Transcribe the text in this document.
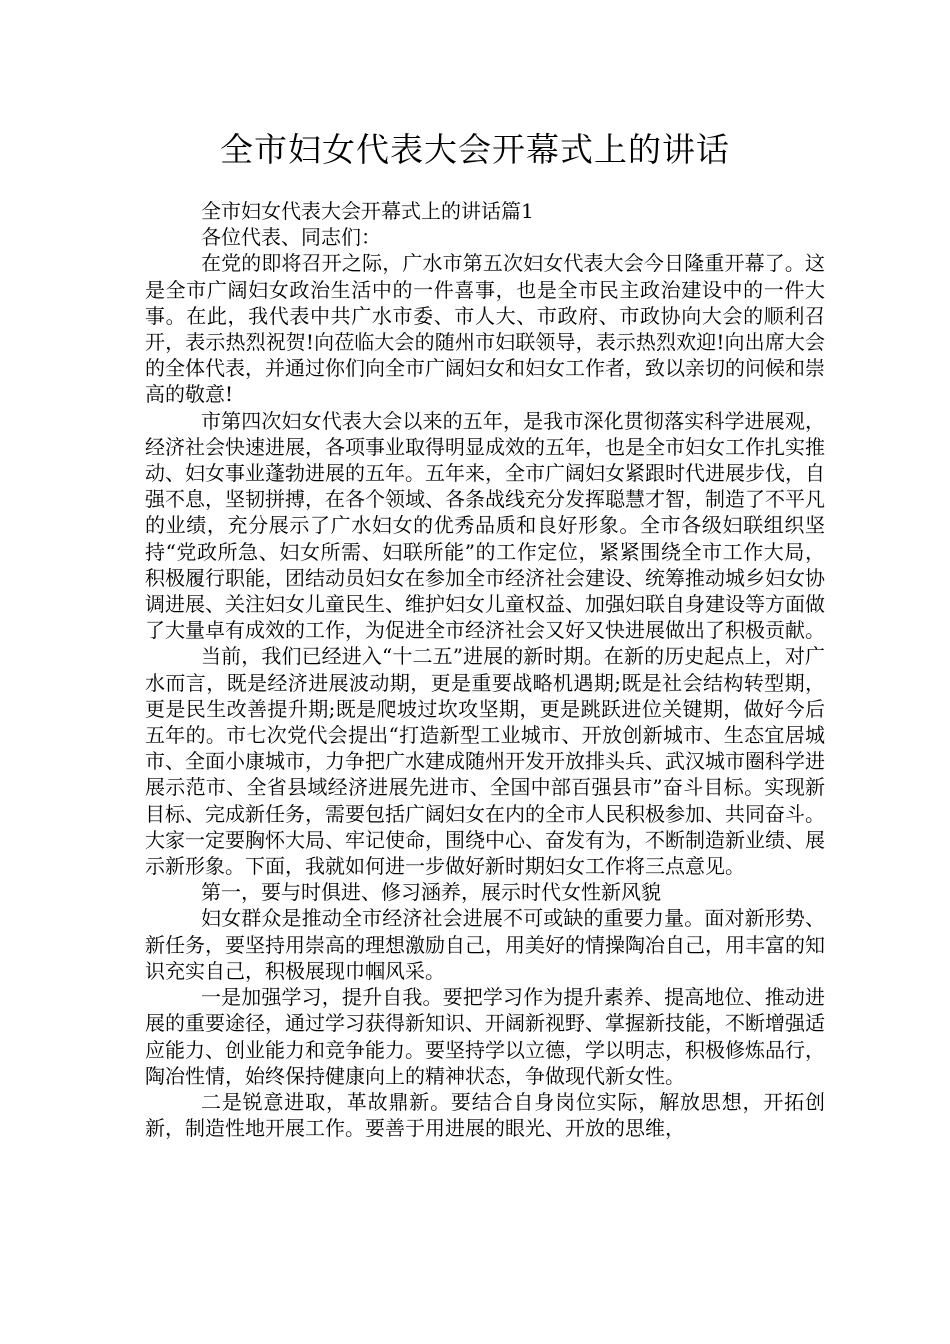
全市妇女代表大会开幕式上的讲话

全市妇女代表大会开幕式上的讲话篇1

各位代表、同志们：

在党的即将召开之际，广水市第五次妇女代表大会今日隆重开幕了。这是全市广阔妇女政治生活中的一件喜事，也是全市民主政治建设中的一件大事。在此，我代表中共广水市委、市人大、市政府、市政协向大会的顺利召开，表示热烈祝贺!向莅临大会的随州市妇联领导，表示热烈欢迎!向出席大会的全体代表，并通过你们向全市广阔妇女和妇女工作者，致以亲切的问候和崇高的敬意!

市第四次妇女代表大会以来的五年，是我市深化贯彻落实科学进展观，经济社会快速进展，各项事业取得明显成效的五年，也是全市妇女工作扎实推动、妇女事业蓬勃进展的五年。五年来，全市广阔妇女紧跟时代进展步伐，自强不息，坚韧拼搏，在各个领域、各条战线充分发挥聪慧才智，制造了不平凡的业绩，充分展示了广水妇女的优秀品质和良好形象。全市各级妇联组织坚持“党政所急、妇女所需、妇联所能”的工作定位，紧紧围绕全市工作大局，积极履行职能，团结动员妇女在参加全市经济社会建设、统筹推动城乡妇女协调进展、关注妇女儿童民生、维护妇女儿童权益、加强妇联自身建设等方面做了大量卓有成效的工作，为促进全市经济社会又好又快进展做出了积极贡献。

当前，我们已经进入“十二五”进展的新时期。在新的历史起点上，对广水而言，既是经济进展波动期，更是重要战略机遇期;既是社会结构转型期，更是民生改善提升期;既是爬坡过坎攻坚期，更是跳跃进位关键期，做好今后五年的。市七次党代会提出“打造新型工业城市、开放创新城市、生态宜居城市、全面小康城市，力争把广水建成随州开发开放排头兵、武汉城市圈科学进展示范市、全省县域经济进展先进市、全国中部百强县市”奋斗目标。实现新目标、完成新任务，需要包括广阔妇女在内的全市人民积极参加、共同奋斗。大家一定要胸怀大局、牢记使命，围绕中心、奋发有为，不断制造新业绩、展示新形象。下面，我就如何进一步做好新时期妇女工作将三点意见。

第一，要与时俱进、修习涵养，展示时代女性新风貌

妇女群众是推动全市经济社会进展不可或缺的重要力量。面对新形势、新任务，要坚持用崇高的理想激励自己，用美好的情操陶冶自己，用丰富的知识充实自己，积极展现巾帼风采。

一是加强学习，提升自我。要把学习作为提升素养、提高地位、推动进展的重要途径，通过学习获得新知识、开阔新视野、掌握新技能，不断增强适应能力、创业能力和竞争能力。要坚持学以立德，学以明志，积极修炼品行，陶冶性情，始终保持健康向上的精神状态，争做现代新女性。

二是锐意进取，革故鼎新。要结合自身岗位实际，解放思想，开拓创新，制造性地开展工作。要善于用进展的眼光、开放的思维，
